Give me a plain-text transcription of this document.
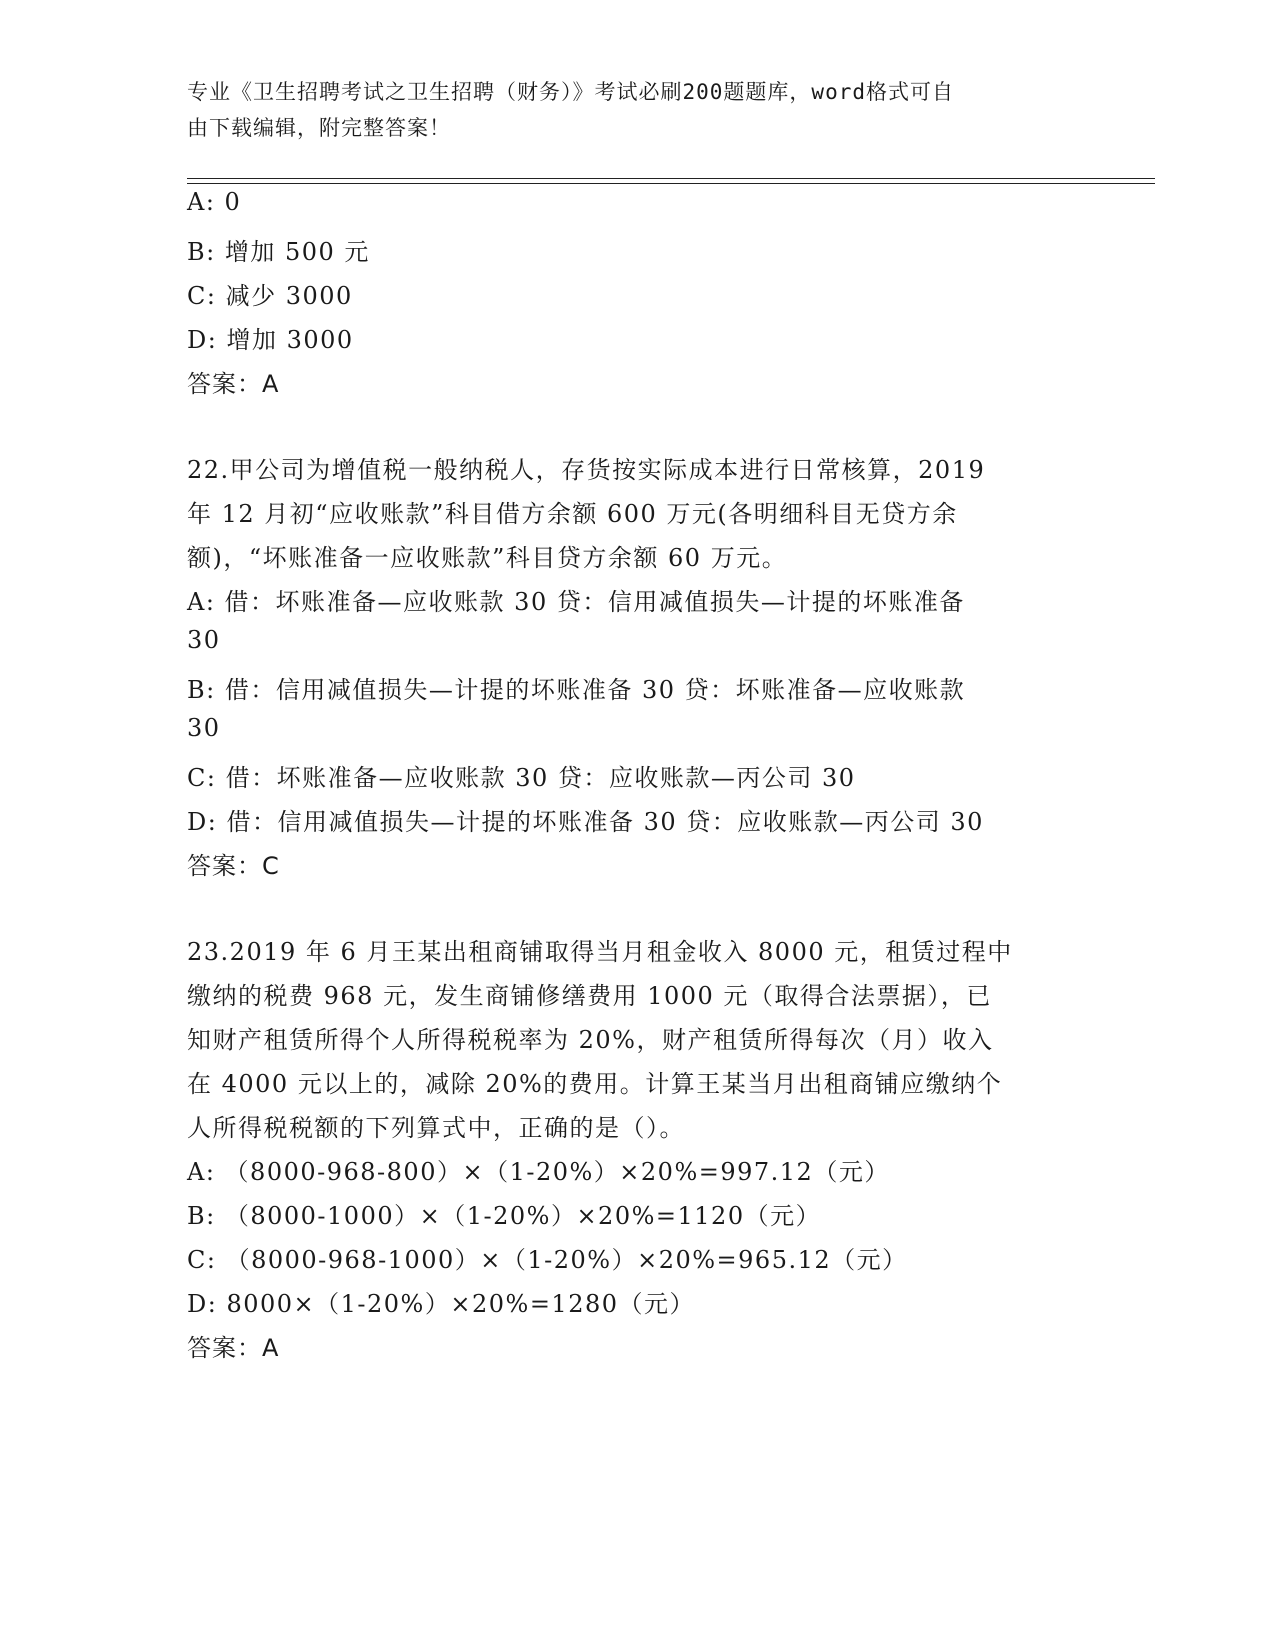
专业《卫生招聘考试之卫生招聘（财务）》考试必刷200题题库，word格式可自
由下载编辑，附完整答案！
A: 0
B: 增加 500 元
C: 减少 3000
D: 增加 3000
答案：A
22.甲公司为增值税一般纳税人，存货按实际成本进行日常核算，2019
年 12 月初“应收账款”科目借方余额 600 万元(各明细科目无贷方余
额)，“坏账准备一应收账款”科目贷方余额 60 万元。
A: 借：坏账准备—应收账款 30 贷：信用减值损失—计提的坏账准备
30
B: 借：信用减值损失—计提的坏账准备 30 贷：坏账准备—应收账款
30
C: 借：坏账准备—应收账款 30 贷：应收账款—丙公司 30
D: 借：信用减值损失—计提的坏账准备 30 贷：应收账款—丙公司 30
答案：C
23.2019 年 6 月王某出租商铺取得当月租金收入 8000 元，租赁过程中
缴纳的税费 968 元，发生商铺修缮费用 1000 元（取得合法票据），已
知财产租赁所得个人所得税税率为 20%，财产租赁所得每次（月）收入
在 4000 元以上的，减除 20%的费用。计算王某当月出租商铺应缴纳个
人所得税税额的下列算式中，正确的是（）。
A: （8000-968-800）×（1-20%）×20%=997.12（元）
B: （8000-1000）×（1-20%）×20%=1120（元）
C: （8000-968-1000）×（1-20%）×20%=965.12（元）
D: 8000×（1-20%）×20%=1280（元）
答案：A
